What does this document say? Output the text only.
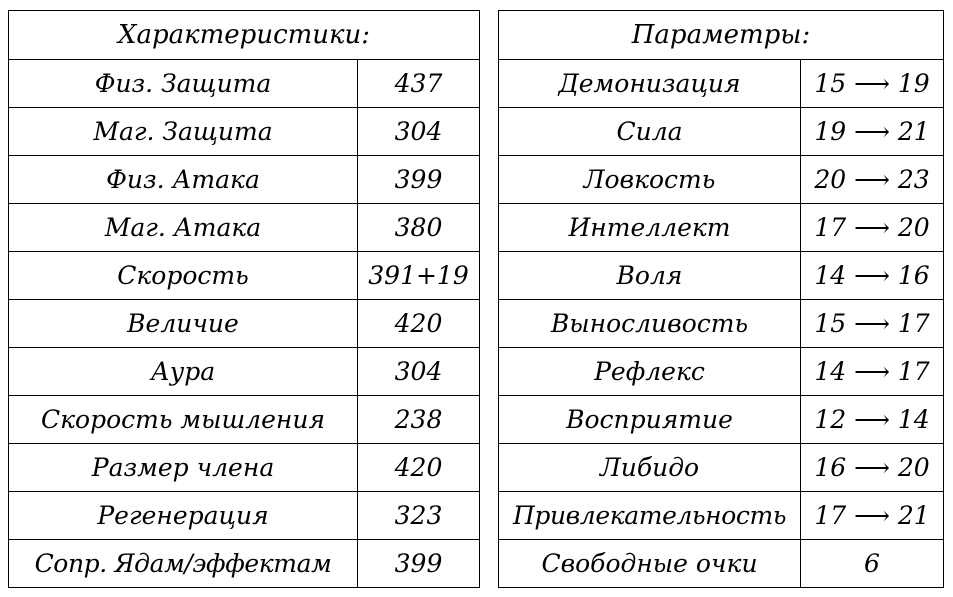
Характеристики:	
Физ. Защита	437
Маг. Защита	304
Физ. Атака	399
Маг. Атака	380
Скорость	391+19
Величие	420
Аура	304
Скорость мышления	238
Размер члена	420
Регенерация	323
Сопр. Ядам/эффектам	399
Параметры:	
Демонизация	15 ⟶ 19
Сила	19 ⟶ 21
Ловкость	20 ⟶ 23
Интеллект	17 ⟶ 20
Воля	14 ⟶ 16
Выносливость	15 ⟶ 17
Рефлекс	14 ⟶ 17
Восприятие	12 ⟶ 14
Либидо	16 ⟶ 20
Привлекательность	17 ⟶ 21
Свободные очки	6
